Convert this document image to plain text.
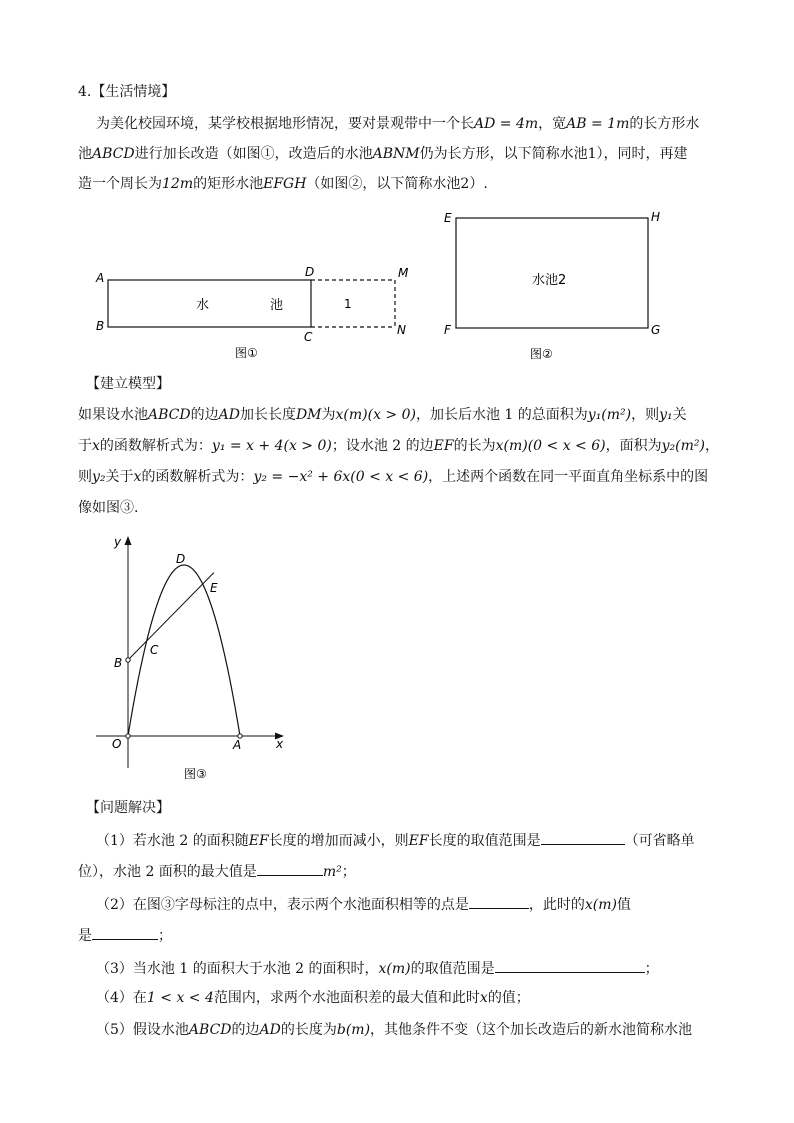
4.【生活情境】
为美化校园环境，某学校根据地形情况，要对景观带中一个长AD = 4m，宽AB = 1m的长方形水
池ABCD进行加长改造（如图①，改造后的水池ABNM仍为长方形，以下简称水池1），同时，再建
造一个周长为12m的矩形水池EFGH（如图②，以下简称水池2）.
A
B
D
C
M
N
水	池	1
图①
E	H
F	G
水池2
图②
【建立模型】
如果设水池ABCD的边AD加长长度DM为x(m)(x > 0)，加长后水池 1 的总面积为y₁(m²)，则y₁关
于x的函数解析式为：y₁ = x + 4(x > 0)；设水池 2 的边EF的长为x(m)(0 < x < 6)，面积为y₂(m²)，
则y₂关于x的函数解析式为：y₂ = −x² + 6x(0 < x < 6)，上述两个函数在同一平面直角坐标系中的图
像如图③.
y
x
O	A
B
C
D
E
图③
【问题解决】
（1）若水池 2 的面积随EF长度的增加而减小，则EF长度的取值范围是	（可省略单
位），水池 2 面积的最大值是	m²；
（2）在图③字母标注的点中，表示两个水池面积相等的点是	，此时的x(m)值
是	；
（3）当水池 1 的面积大于水池 2 的面积时，x(m)的取值范围是	；
（4）在1 < x < 4范围内，求两个水池面积差的最大值和此时x的值；
（5）假设水池ABCD的边AD的长度为b(m)，其他条件不变（这个加长改造后的新水池简称水池
